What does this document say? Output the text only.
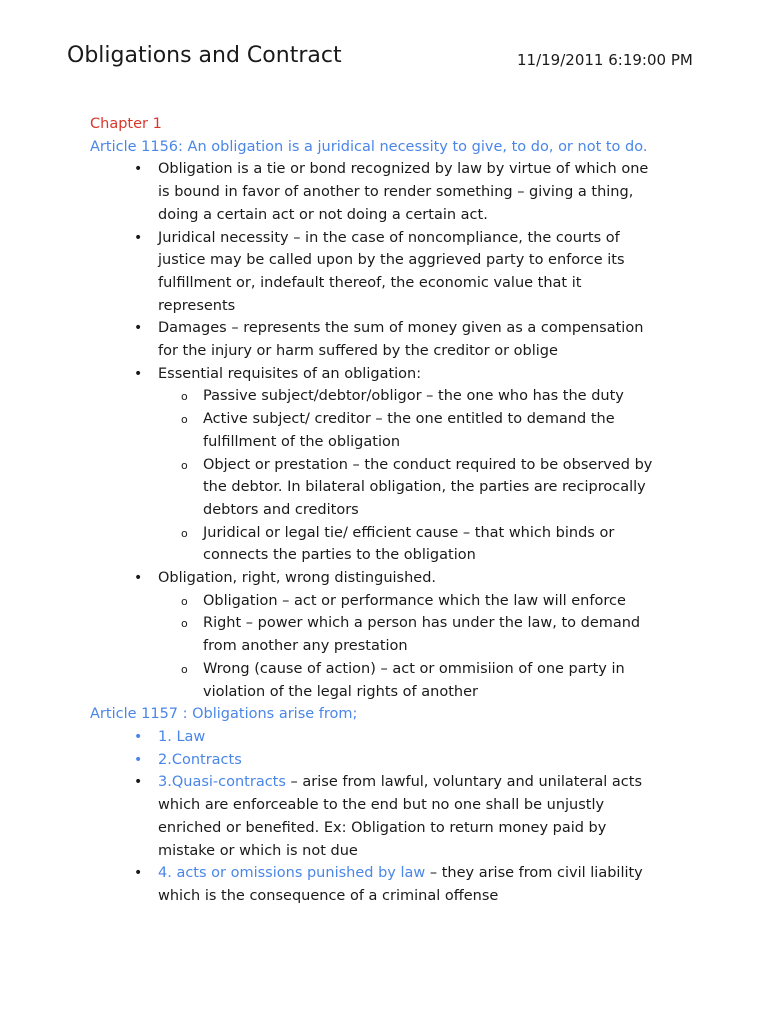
Obligations and Contract	11/19/2011 6:19:00 PM

Chapter 1

Article 1156: An obligation is a juridical necessity to give, to do, or not to do.

• Obligation is a tie or bond recognized by law by virtue of which one
is bound in favor of another to render something – giving a thing,
doing a certain act or not doing a certain act.
• Juridical necessity – in the case of noncompliance, the courts of
justice may be called upon by the aggrieved party to enforce its
fulfillment or, indefault thereof, the economic value that it
represents
• Damages – represents the sum of money given as a compensation
for the injury or harm suffered by the creditor or oblige
• Essential requisites of an obligation:
o Passive subject/debtor/obligor – the one who has the duty
o Active subject/ creditor – the one entitled to demand the
fulfillment of the obligation
o Object or prestation – the conduct required to be observed by
the debtor. In bilateral obligation, the parties are reciprocally
debtors and creditors
o Juridical or legal tie/ efficient cause – that which binds or
connects the parties to the obligation
• Obligation, right, wrong distinguished.
o Obligation – act or performance which the law will enforce
o Right – power which a person has under the law, to demand
from another any prestation
o Wrong (cause of action) – act or ommisiion of one party in
violation of the legal rights of another

Article 1157 : Obligations arise from;

• 1. Law
• 2.Contracts
• 3.Quasi-contracts – arise from lawful, voluntary and unilateral acts
which are enforceable to the end but no one shall be unjustly
enriched or benefited. Ex: Obligation to return money paid by
mistake or which is not due
• 4. acts or omissions punished by law – they arise from civil liability
which is the consequence of a criminal offense
